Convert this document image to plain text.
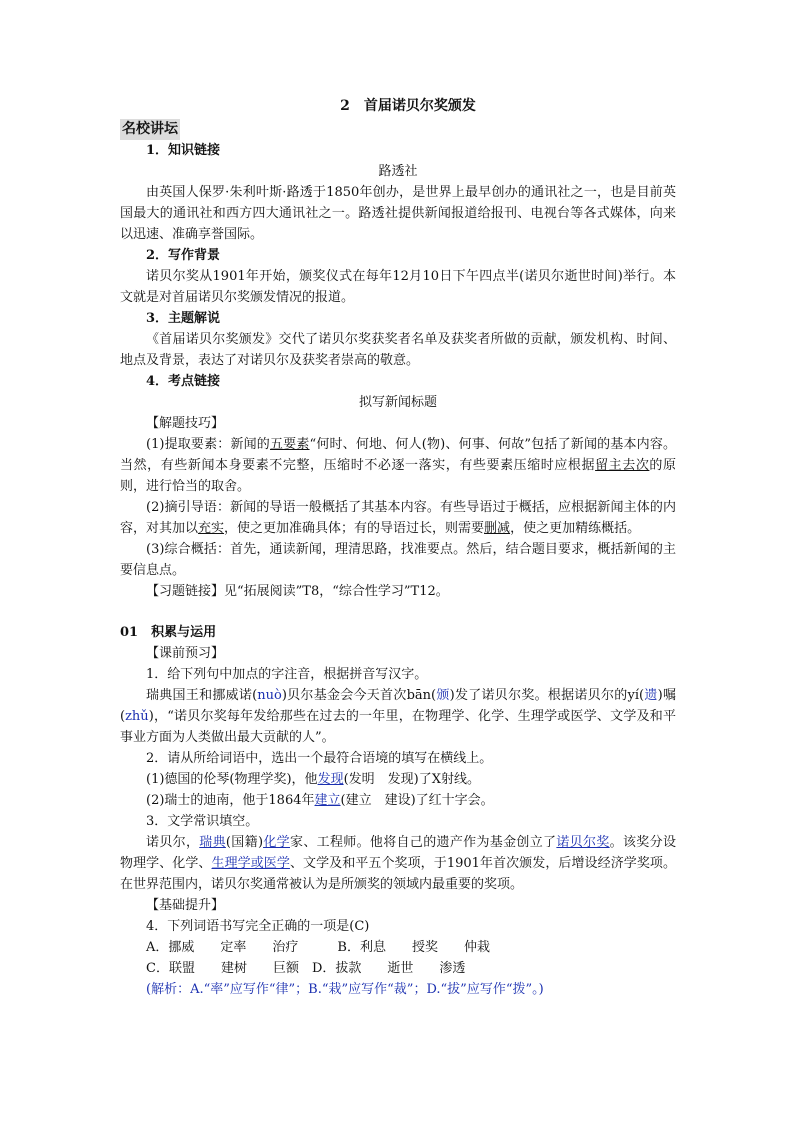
2　首届诺贝尔奖颁发
名校讲坛
1．知识链接
路透社
由英国人保罗·朱利叶斯·路透于1850年创办，是世界上最早创办的通讯社之一，也是目前英国最大的通讯社和西方四大通讯社之一。路透社提供新闻报道给报刊、电视台等各式媒体，向来以迅速、准确享誉国际。
2．写作背景
诺贝尔奖从1901年开始，颁奖仪式在每年12月10日下午四点半(诺贝尔逝世时间)举行。本文就是对首届诺贝尔奖颁发情况的报道。
3．主题解说
《首届诺贝尔奖颁发》交代了诺贝尔奖获奖者名单及获奖者所做的贡献，颁发机构、时间、地点及背景，表达了对诺贝尔及获奖者崇高的敬意。
4．考点链接
拟写新闻标题
【解题技巧】
(1)提取要素：新闻的五要素“何时、何地、何人(物)、何事、何故”包括了新闻的基本内容。当然，有些新闻本身要素不完整，压缩时不必逐一落实，有些要素压缩时应根据留主去次的原则，进行恰当的取舍。
(2)摘引导语：新闻的导语一般概括了其基本内容。有些导语过于概括，应根据新闻主体的内容，对其加以充实，使之更加准确具体；有的导语过长，则需要删减，使之更加精练概括。
(3)综合概括：首先，通读新闻，理清思路，找准要点。然后，结合题目要求，概括新闻的主要信息点。
【习题链接】见“拓展阅读”T8，“综合性学习”T12。
01　积累与运用
【课前预习】
1．给下列句中加点的字注音，根据拼音写汉字。
瑞典国王和挪威诺(nuò)贝尔基金会今天首次bān(颁)发了诺贝尔奖。根据诺贝尔的yí(遗)嘱(zhǔ)，“诺贝尔奖每年发给那些在过去的一年里，在物理学、化学、生理学或医学、文学及和平事业方面为人类做出最大贡献的人”。
2．请从所给词语中，选出一个最符合语境的填写在横线上。
(1)德国的伦琴(物理学奖)，他发现(发明　发现)了X射线。
(2)瑞士的迪南，他于1864年建立(建立　建设)了红十字会。
3．文学常识填空。
诺贝尔，瑞典(国籍)化学家、工程师。他将自己的遗产作为基金创立了诺贝尔奖。该奖分设物理学、化学、生理学或医学、文学及和平五个奖项，于1901年首次颁发，后增设经济学奖项。在世界范围内，诺贝尔奖通常被认为是所颁奖的领域内最重要的奖项。
【基础提升】
4．下列词语书写完全正确的一项是(C)
A．挪威　　定率　　治疗　　　	B．利息　　授奖　　仲栽
C．联盟　　建树　　巨额　 D．拔款　　逝世　　渗透
(解析：A.“率”应写作“律”；B.“栽”应写作“裁”；D.“拔”应写作“拨”。)
